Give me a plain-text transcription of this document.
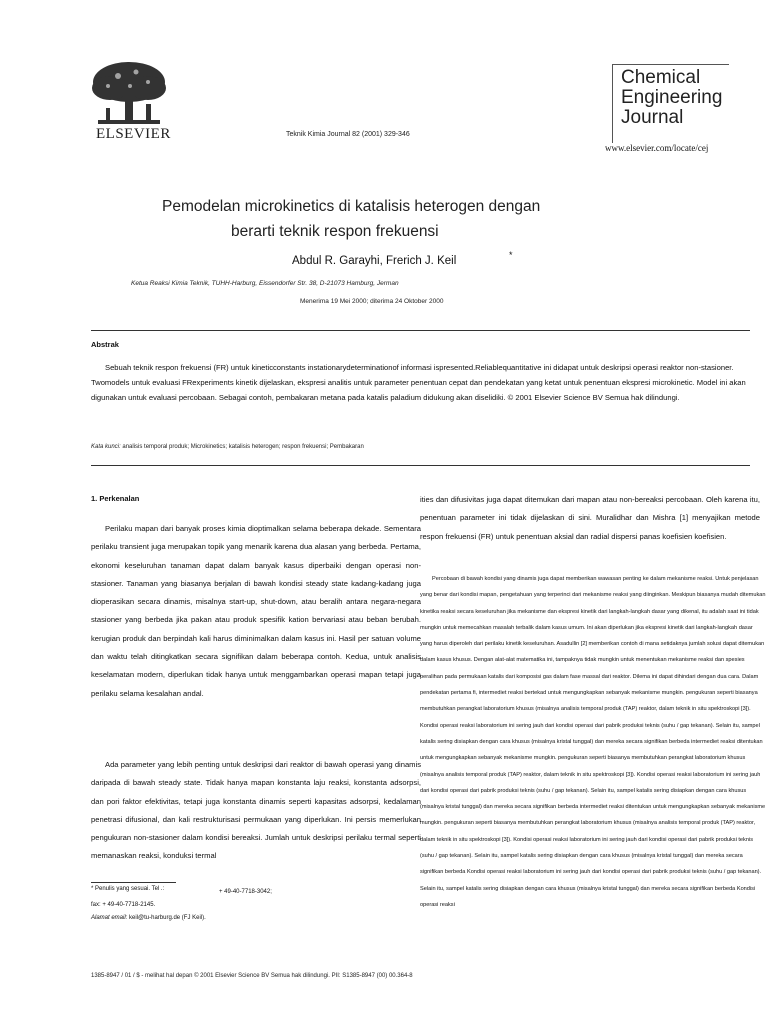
ELSEVIER	Teknik Kimia Journal 82 (2001) 329-346
Chemical
Engineering
Journal
www.elsevier.com/locate/cej
Pemodelan microkinetics di katalisis heterogen dengan
berarti teknik respon frekuensi
Abdul R. Garayhi, Frerich J. Keil	*
Ketua Reaksi Kimia Teknik, TUHH-Harburg, Eissendorfer Str. 38, D-21073 Hamburg, Jerman
Menerima 19 Mei 2000; diterima 24 Oktober 2000
Abstrak
Sebuah teknik respon frekuensi (FR) untuk kineticconstants instationarydeterminationof informasi ispresented.Reliablequantitative ini didapat untuk deskripsi operasi reaktor non-stasioner. Twomodels untuk evaluasi FRexperiments kinetik dijelaskan, ekspresi analitis untuk parameter penentuan cepat dan pendekatan yang ketat untuk penentuan ekspresi microkinetic. Model ini akan digunakan untuk evaluasi percobaan. Sebagai contoh, pembakaran metana pada katalis paladium didukung akan diselidiki. © 2001 Elsevier Science BV Semua hak dilindungi.
Kata kunci: analisis temporal produk; Microkinetics; katalisis heterogen; respon frekuensi; Pembakaran
1. Perkenalan
Perilaku mapan dari banyak proses kimia dioptimalkan selama beberapa dekade. Sementara perilaku transient juga merupakan topik yang menarik karena dua alasan yang berbeda. Pertama, ekonomi keseluruhan tanaman dapat dalam banyak kasus diperbaiki dengan operasi non-stasioner. Tanaman yang biasanya berjalan di bawah kondisi steady state kadang-kadang juga dioperasikan secara dinamis, misalnya start-up, shut-down, atau beralih antara negara-negara stasioner yang berbeda jika pakan atau produk spesifik kation bervariasi atau beban berubah. kerugian produk dan berpindah kali harus diminimalkan dalam kasus ini. Hasil per satuan volume dan waktu telah ditingkatkan secara signifikan dalam beberapa contoh. Kedua, untuk analisis keselamatan modern, diperlukan tidak hanya untuk menggambarkan operasi mapan tetapi juga perilaku selama kesalahan andal.
Ada parameter yang lebih penting untuk deskripsi dari reaktor di bawah operasi yang dinamis daripada di bawah steady state. Tidak hanya mapan konstanta laju reaksi, konstanta adsorpsi, dan pori faktor efektivitas, tetapi juga konstanta dinamis seperti kapasitas adsorpsi, kedalaman penetrasi difusional, dan kali restrukturisasi permukaan yang diperlukan. Ini persis memerlukan pengukuran non-stasioner dalam kondisi bereaksi. Jumlah untuk deskripsi perilaku termal seperti memanaskan reaksi, konduksi termal
ities dan difusivitas juga dapat ditemukan dari mapan atau non-bereaksi percobaan. Oleh karena itu, penentuan parameter ini tidak dijelaskan di sini. Muralidhar dan Mishra [1] menyajikan metode respon frekuensi (FR) untuk penentuan aksial dan radial dispersi panas koefisien koefisien.
Percobaan di bawah kondisi yang dinamis juga dapat memberikan wawasan penting ke dalam mekanisme reaksi. Untuk penjelasan yang benar dari kondisi mapan, pengetahuan yang terperinci dari mekanisme reaksi yang diinginkan. Meskipun biasanya mudah ditemukan kinetika reaksi secara keseluruhan jika mekanisme dan ekspresi kinetik dari langkah-langkah dasar yang dikenal, itu adalah saat ini tidak mungkin untuk memecahkan masalah terbalik dalam kasus umum. Ini akan diperlukan jika ekspresi kinetik dari langkah-langkah dasar yang harus diperoleh dari perilaku kinetik keseluruhan. Asadullin [2] memberikan contoh di mana setidaknya jumlah solusi dapat ditemukan dalam kasus khusus. Dengan alat-alat matematika ini, tampaknya tidak mungkin untuk menentukan mekanisme reaksi dan spesies peralihan pada permukaan katalis dari komposisi gas dalam fase massal dari reaktor. Dilema ini dapat dihindari dengan dua cara. Dalam pendekatan pertama fi, intermediet reaksi bertekad untuk mengungkapkan sebanyak mekanisme mungkin. pengukuran seperti biasanya membutuhkan perangkat laboratorium khusus (misalnya analisis temporal produk (TAP) reaktor, dalam teknik in situ spektroskopi [3]). Kondisi operasi reaksi laboratorium ini sering jauh dari kondisi operasi dari pabrik produksi teknis (suhu / gap tekanan). Selain itu, sampel katalis sering disiapkan dengan cara khusus (misalnya kristal tunggal) dan mereka secara signifikan berbeda intermediet reaksi ditentukan untuk mengungkapkan sebanyak mekanisme mungkin. pengukuran seperti biasanya membutuhkan perangkat laboratorium khusus (misalnya analisis temporal produk (TAP) reaktor, dalam teknik in situ spektroskopi [3]). Kondisi operasi reaksi laboratorium ini sering jauh dari kondisi operasi dari pabrik produksi teknis (suhu / gap tekanan). Selain itu, sampel katalis sering disiapkan dengan cara khusus (misalnya kristal tunggal) dan mereka secara signifikan berbeda intermediet reaksi ditentukan untuk mengungkapkan sebanyak mekanisme mungkin. pengukuran seperti biasanya membutuhkan perangkat laboratorium khusus (misalnya analisis temporal produk (TAP) reaktor, dalam teknik in situ spektroskopi [3]). Kondisi operasi reaksi laboratorium ini sering jauh dari kondisi operasi dari pabrik produksi teknis (suhu / gap tekanan). Selain itu, sampel katalis sering disiapkan dengan cara khusus (misalnya kristal tunggal) dan mereka secara signifikan berbeda Kondisi operasi reaksi laboratorium ini sering jauh dari kondisi operasi dari pabrik produksi teknis (suhu / gap tekanan). Selain itu, sampel katalis sering disiapkan dengan cara khusus (misalnya kristal tunggal) dan mereka secara signifikan berbeda Kondisi operasi reaksi
* Penulis yang sesuai. Tel .:	+ 49-40-7718-3042;
fax: + 49-40-7718-2145.
Alamat email: keil@tu-harburg.de (FJ Keil).
1385-8947 / 01 / $ - melihat hal depan © 2001 Elsevier Science BV Semua hak dilindungi. PII: S1385-8947 (00) 00.364-8
